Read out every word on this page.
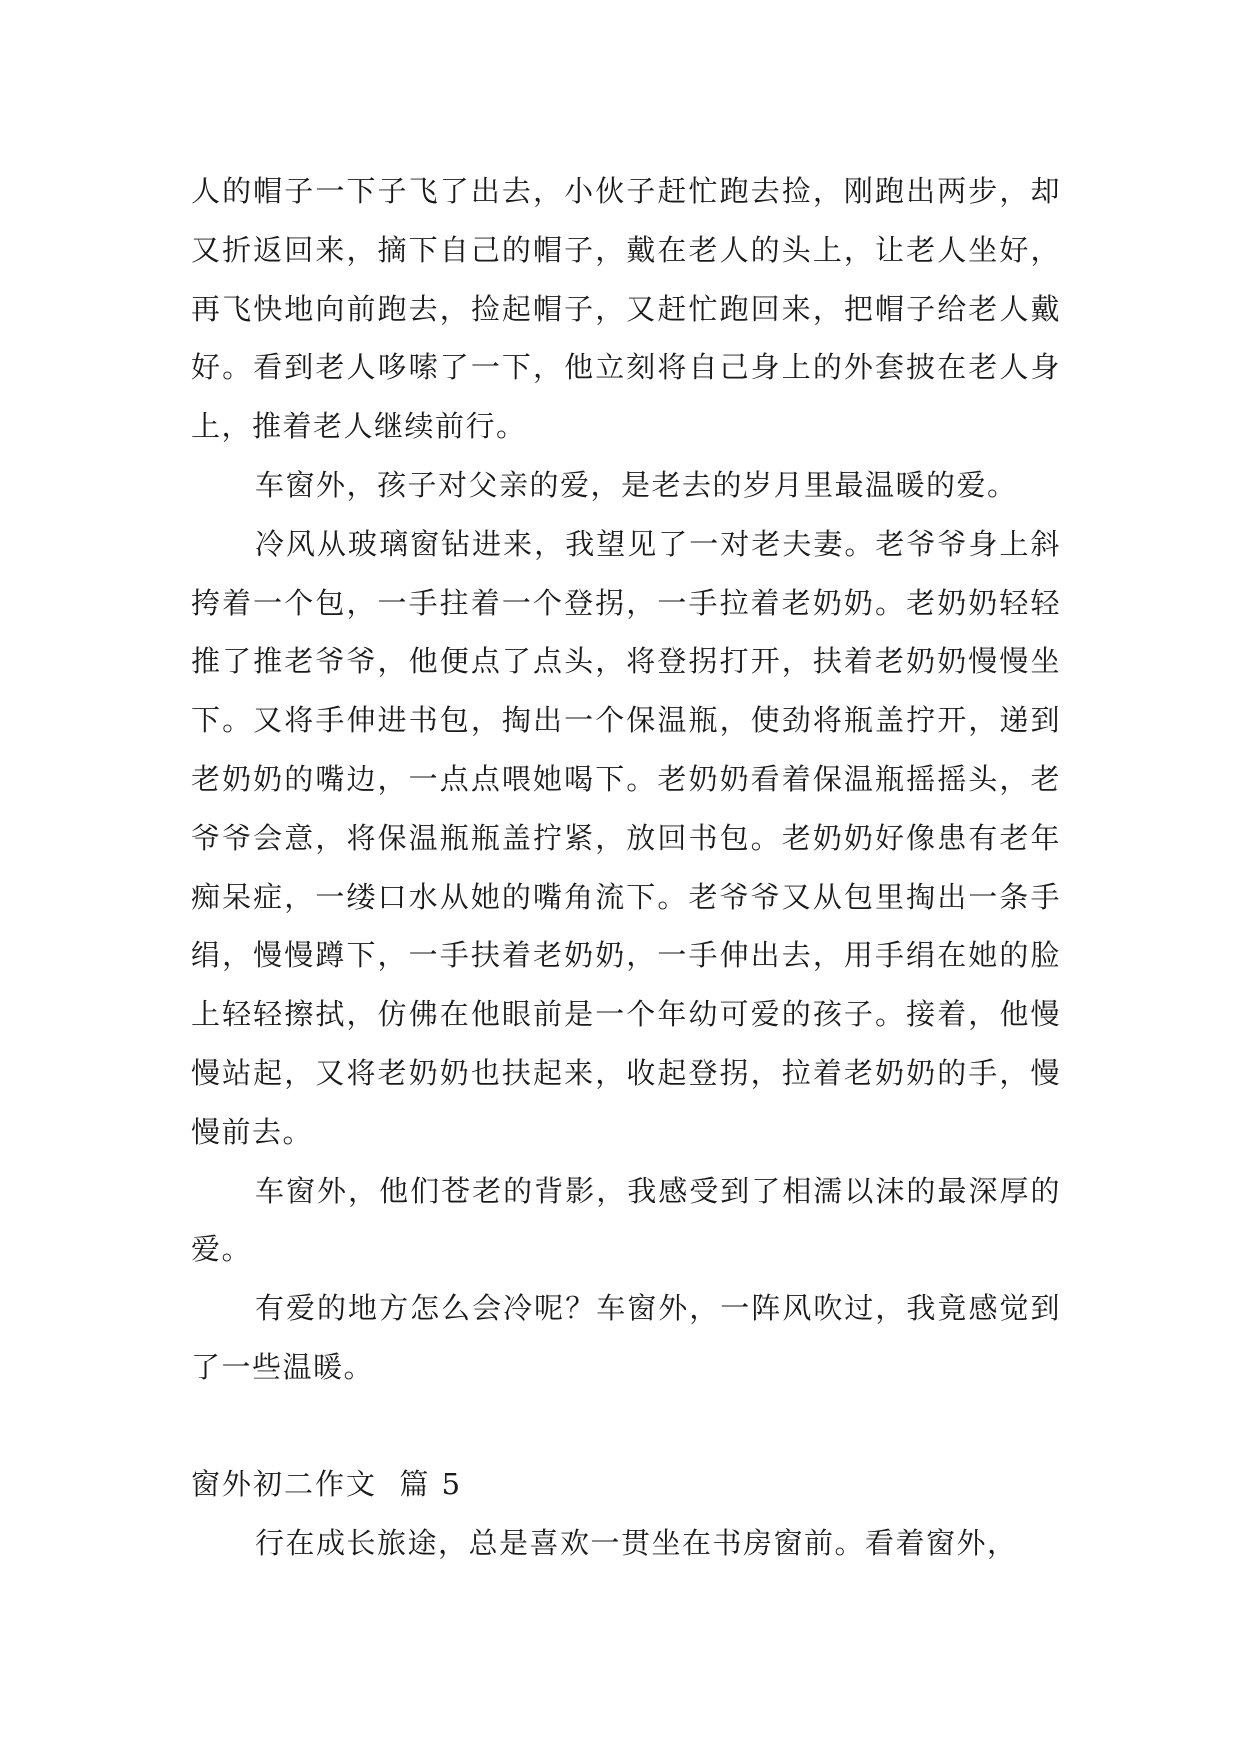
人的帽子一下子飞了出去，小伙子赶忙跑去捡，刚跑出两步，却又折返回来，摘下自己的帽子，戴在老人的头上，让老人坐好，再飞快地向前跑去，捡起帽子，又赶忙跑回来，把帽子给老人戴好。看到老人哆嗦了一下，他立刻将自己身上的外套披在老人身上，推着老人继续前行。

车窗外，孩子对父亲的爱，是老去的岁月里最温暖的爱。

冷风从玻璃窗钻进来，我望见了一对老夫妻。老爷爷身上斜挎着一个包，一手拄着一个登拐，一手拉着老奶奶。老奶奶轻轻推了推老爷爷，他便点了点头，将登拐打开，扶着老奶奶慢慢坐下。又将手伸进书包，掏出一个保温瓶，使劲将瓶盖拧开，递到老奶奶的嘴边，一点点喂她喝下。老奶奶看着保温瓶摇摇头，老爷爷会意，将保温瓶瓶盖拧紧，放回书包。老奶奶好像患有老年痴呆症，一缕口水从她的嘴角流下。老爷爷又从包里掏出一条手绢，慢慢蹲下，一手扶着老奶奶，一手伸出去，用手绢在她的脸上轻轻擦拭，仿佛在他眼前是一个年幼可爱的孩子。接着，他慢慢站起，又将老奶奶也扶起来，收起登拐，拉着老奶奶的手，慢慢前去。

车窗外，他们苍老的背影，我感受到了相濡以沫的最深厚的爱。

有爱的地方怎么会冷呢？车窗外，一阵风吹过，我竟感觉到了一些温暖。

窗外初二作文  篇 5

行在成长旅途，总是喜欢一贯坐在书房窗前。看着窗外，
